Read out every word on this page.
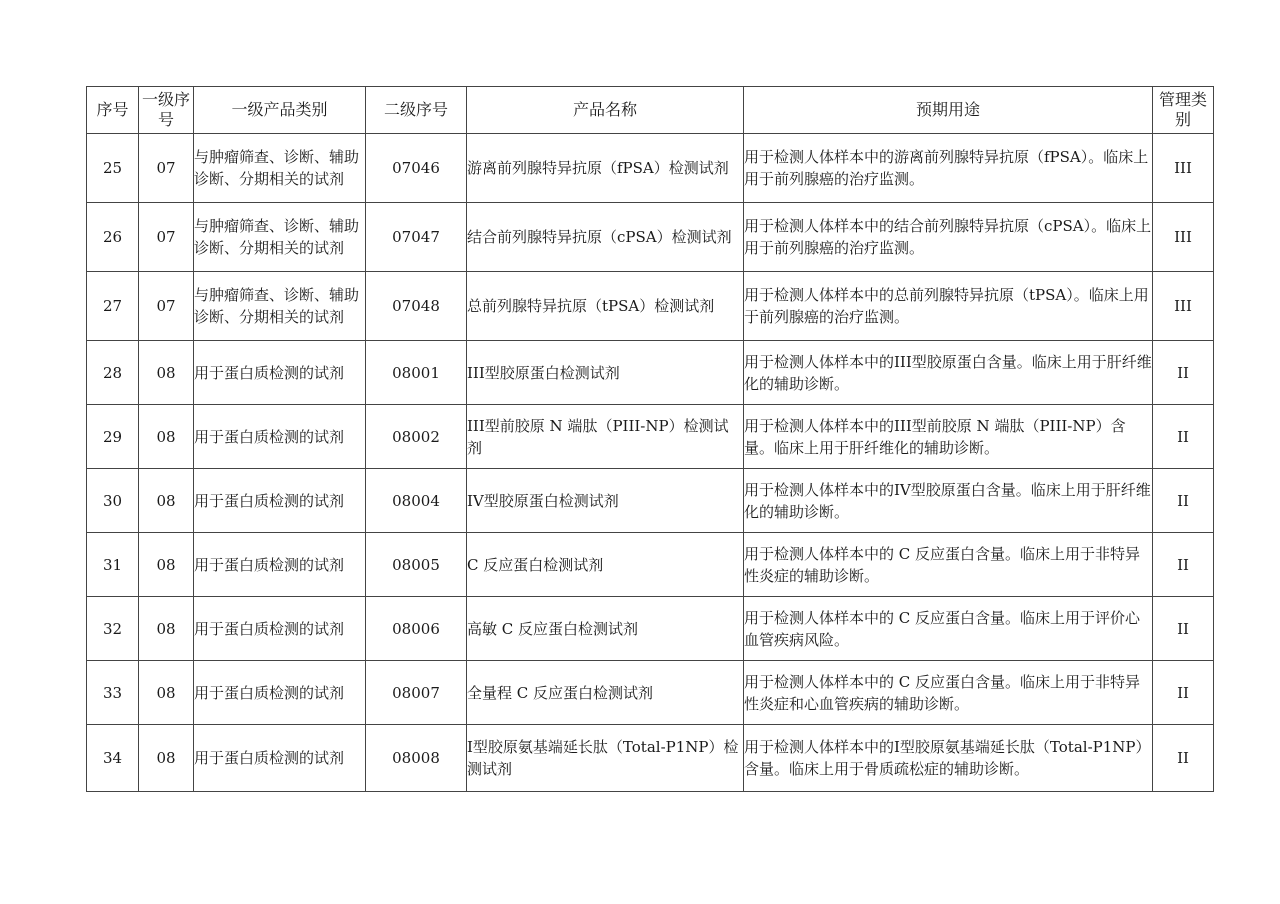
序号	一级序号	一级产品类别	二级序号	产品名称	预期用途	管理类别
25	07	与肿瘤筛查、诊断、辅助诊断、分期相关的试剂	07046	游离前列腺特异抗原（fPSA）检测试剂	用于检测人体样本中的游离前列腺特异抗原（fPSA）。临床上用于前列腺癌的治疗监测。	III
26	07	与肿瘤筛查、诊断、辅助诊断、分期相关的试剂	07047	结合前列腺特异抗原（cPSA）检测试剂	用于检测人体样本中的结合前列腺特异抗原（cPSA）。临床上用于前列腺癌的治疗监测。	III
27	07	与肿瘤筛查、诊断、辅助诊断、分期相关的试剂	07048	总前列腺特异抗原（tPSA）检测试剂	用于检测人体样本中的总前列腺特异抗原（tPSA）。临床上用于前列腺癌的治疗监测。	III
28	08	用于蛋白质检测的试剂	08001	III型胶原蛋白检测试剂	用于检测人体样本中的III型胶原蛋白含量。临床上用于肝纤维化的辅助诊断。	II
29	08	用于蛋白质检测的试剂	08002	III型前胶原 N 端肽（PIII-NP）检测试剂	用于检测人体样本中的III型前胶原 N 端肽（PIII-NP）含量。临床上用于肝纤维化的辅助诊断。	II
30	08	用于蛋白质检测的试剂	08004	IV型胶原蛋白检测试剂	用于检测人体样本中的IV型胶原蛋白含量。临床上用于肝纤维化的辅助诊断。	II
31	08	用于蛋白质检测的试剂	08005	C 反应蛋白检测试剂	用于检测人体样本中的 C 反应蛋白含量。临床上用于非特异性炎症的辅助诊断。	II
32	08	用于蛋白质检测的试剂	08006	高敏 C 反应蛋白检测试剂	用于检测人体样本中的 C 反应蛋白含量。临床上用于评价心血管疾病风险。	II
33	08	用于蛋白质检测的试剂	08007	全量程 C 反应蛋白检测试剂	用于检测人体样本中的 C 反应蛋白含量。临床上用于非特异性炎症和心血管疾病的辅助诊断。	II
34	08	用于蛋白质检测的试剂	08008	I型胶原氨基端延长肽（Total-P1NP）检测试剂	用于检测人体样本中的I型胶原氨基端延长肽（Total-P1NP）含量。临床上用于骨质疏松症的辅助诊断。	II
